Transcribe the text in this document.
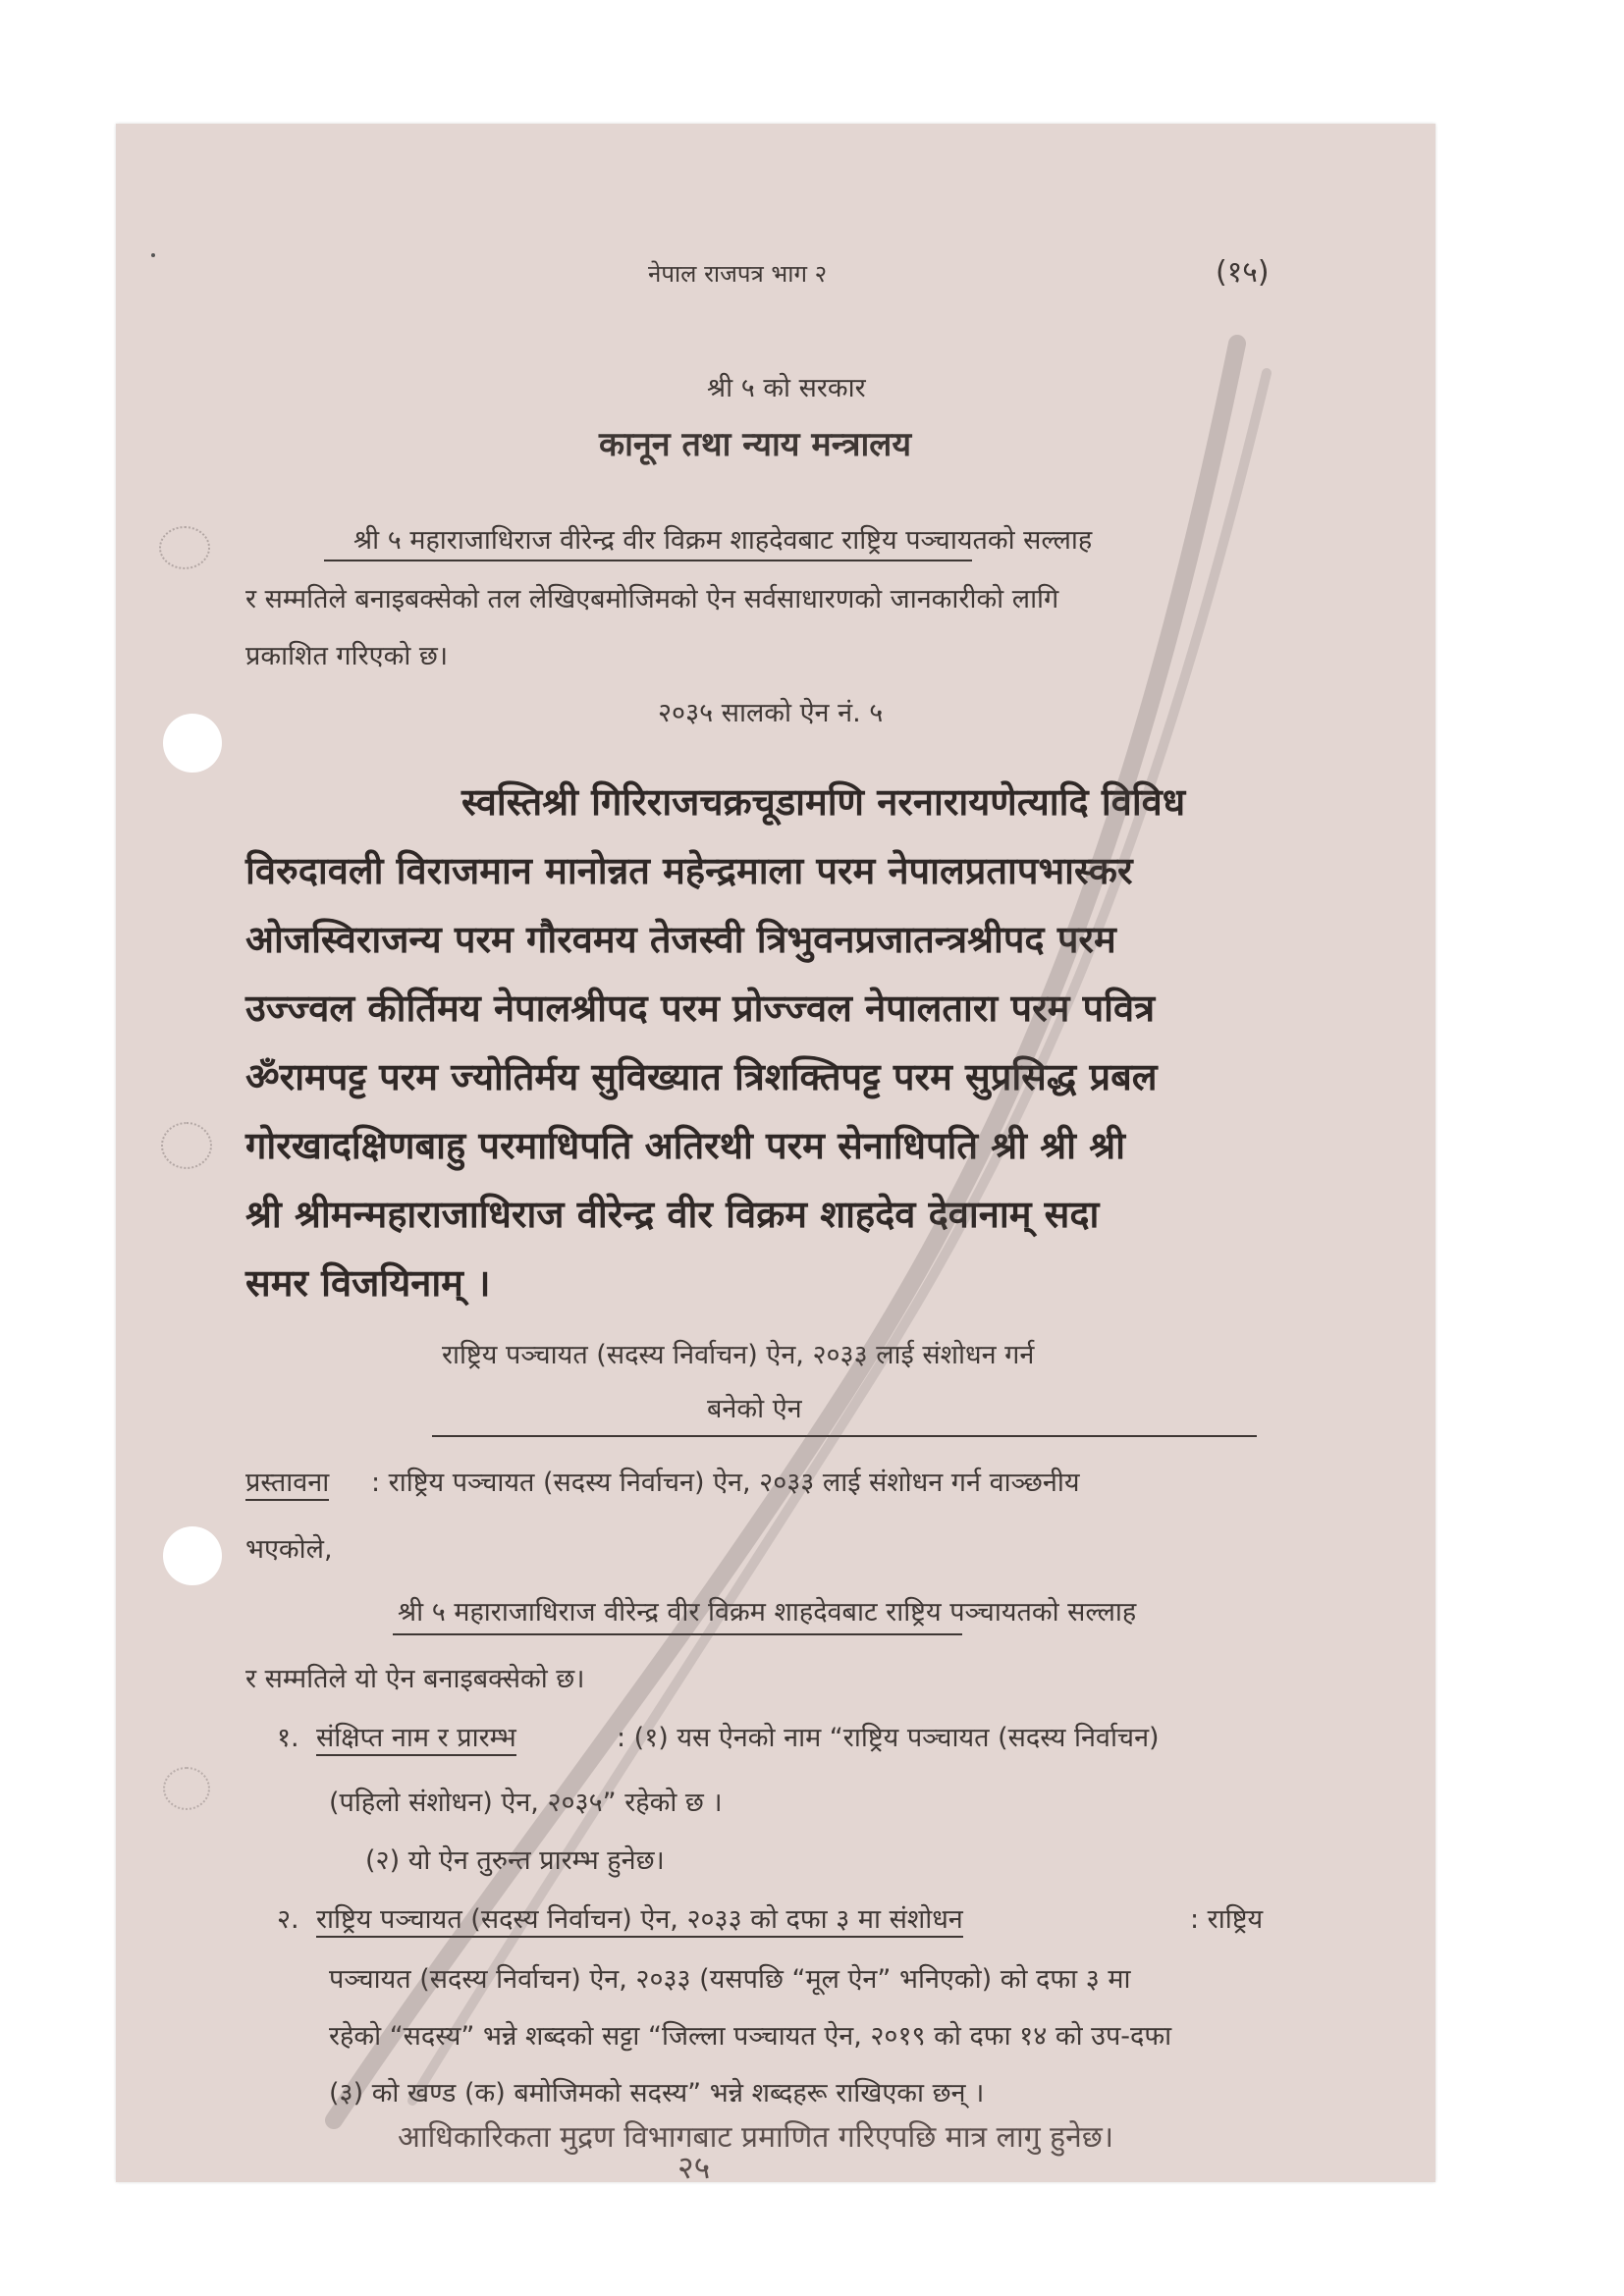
नेपाल राजपत्र भाग २	(१५)
श्री ५ को सरकार
कानून तथा न्याय मन्त्रालय
श्री ५ महाराजाधिराज वीरेन्द्र वीर विक्रम शाहदेवबाट राष्ट्रिय पञ्चायतको सल्लाह
र सम्मतिले बनाइबक्सेको तल लेखिएबमोजिमको ऐन सर्वसाधारणको जानकारीको लागि
प्रकाशित गरिएको छ।
२०३५ सालको ऐन नं. ५
स्वस्तिश्री गिरिराजचक्रचूडामणि नरनारायणेत्यादि विविध
विरुदावली विराजमान मानोन्नत महेन्द्रमाला परम नेपालप्रतापभास्कर
ओजस्विराजन्य परम गौरवमय तेजस्वी त्रिभुवनप्रजातन्त्रश्रीपद परम
उज्ज्वल कीर्तिमय नेपालश्रीपद परम प्रोज्ज्वल नेपालतारा परम पवित्र
ॐरामपट्ट परम ज्योतिर्मय सुविख्यात त्रिशक्तिपट्ट परम सुप्रसिद्ध प्रबल
गोरखादक्षिणबाहु परमाधिपति अतिरथी परम सेनाधिपति श्री श्री श्री
श्री श्रीमन्महाराजाधिराज वीरेन्द्र वीर विक्रम शाहदेव देवानाम् सदा
समर विजयिनाम् ।
राष्ट्रिय पञ्चायत (सदस्य निर्वाचन) ऐन, २०३३ लाई संशोधन गर्न
बनेको ऐन
प्रस्तावना : राष्ट्रिय पञ्चायत (सदस्य निर्वाचन) ऐन, २०३३ लाई संशोधन गर्न वाञ्छनीय
भएकोले,
श्री ५ महाराजाधिराज वीरेन्द्र वीर विक्रम शाहदेवबाट राष्ट्रिय पञ्चायतको सल्लाह
र सम्मतिले यो ऐन बनाइबक्सेको छ।
१. संक्षिप्त नाम र प्रारम्भ	: (१) यस ऐनको नाम “राष्ट्रिय पञ्चायत (सदस्य निर्वाचन)
(पहिलो संशोधन) ऐन, २०३५” रहेको छ ।
(२) यो ऐन तुरुन्त प्रारम्भ हुनेछ।
२. राष्ट्रिय पञ्चायत (सदस्य निर्वाचन) ऐन, २०३३ को दफा ३ मा संशोधन	: राष्ट्रिय
पञ्चायत (सदस्य निर्वाचन) ऐन, २०३३ (यसपछि “मूल ऐन” भनिएको) को दफा ३ मा
रहेको “सदस्य” भन्ने शब्दको सट्टा “जिल्ला पञ्चायत ऐन, २०१९ को दफा १४ को उप-दफा
(३) को खण्ड (क) बमोजिमको सदस्य” भन्ने शब्दहरू राखिएका छन् ।
आधिकारिकता मुद्रण विभागबाट प्रमाणित गरिएपछि मात्र लागु हुनेछ।
२५
